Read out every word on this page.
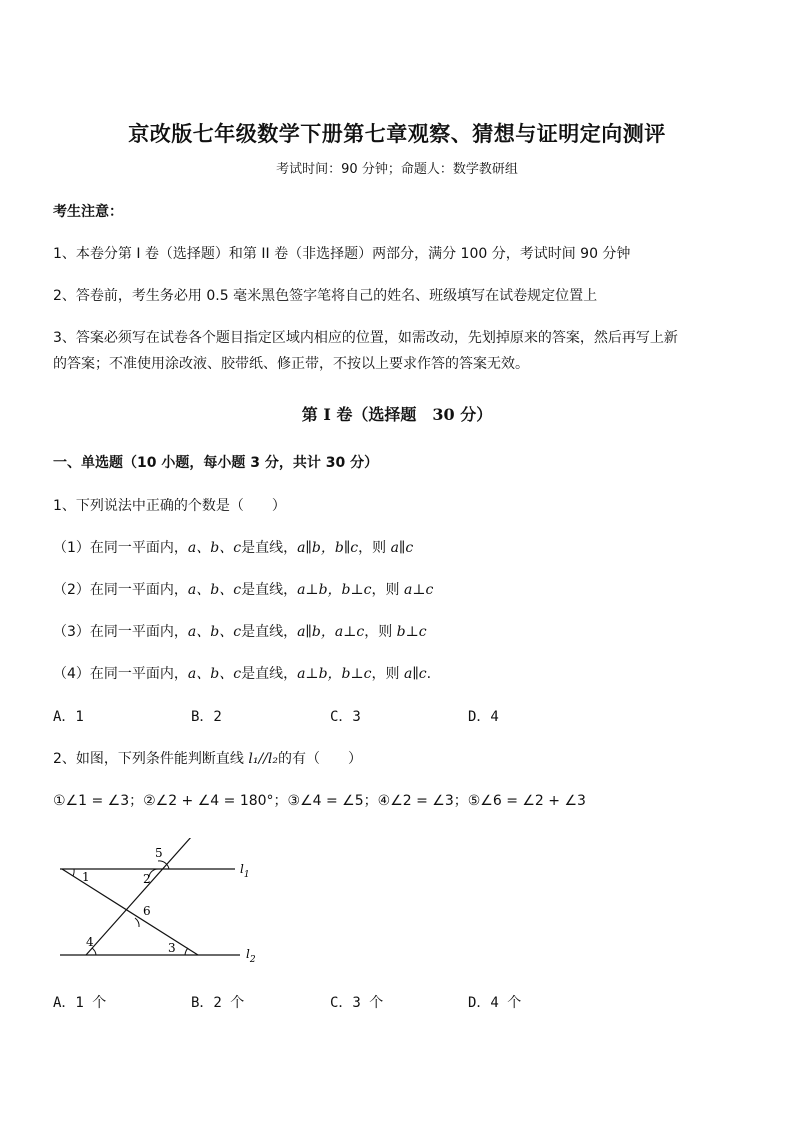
京改版七年级数学下册第七章观察、猜想与证明定向测评
考试时间：90 分钟；命题人：数学教研组
考生注意：
1、本卷分第 I 卷（选择题）和第 II 卷（非选择题）两部分，满分 100 分，考试时间 90 分钟
2、答卷前，考生务必用 0.5 毫米黑色签字笔将自己的姓名、班级填写在试卷规定位置上
3、答案必须写在试卷各个题目指定区域内相应的位置，如需改动，先划掉原来的答案，然后再写上新
的答案；不准使用涂改液、胶带纸、修正带，不按以上要求作答的答案无效。
第 I 卷（选择题　30 分）
一、单选题（10 小题，每小题 3 分，共计 30 分）
1、下列说法中正确的个数是（　　）
（1）在同一平面内，a、b、c是直线，a∥b，b∥c，则 a∥c
（2）在同一平面内，a、b、c是直线，a⊥b，b⊥c，则 a⊥c
（3）在同一平面内，a、b、c是直线，a∥b，a⊥c，则 b⊥c
（4）在同一平面内，a、b、c是直线，a⊥b，b⊥c，则 a∥c.
A．1	B．2	C．3	D．4
2、如图，下列条件能判断直线 l₁//l₂的有（　　）
①∠1 = ∠3；②∠2 + ∠4 = 180°；③∠4 = ∠5；④∠2 = ∠3；⑤∠6 = ∠2 + ∠3
1	2
5
6
4	3
$l_1$
$l_2$
A．1 个	B．2 个	C．3 个	D．4 个
